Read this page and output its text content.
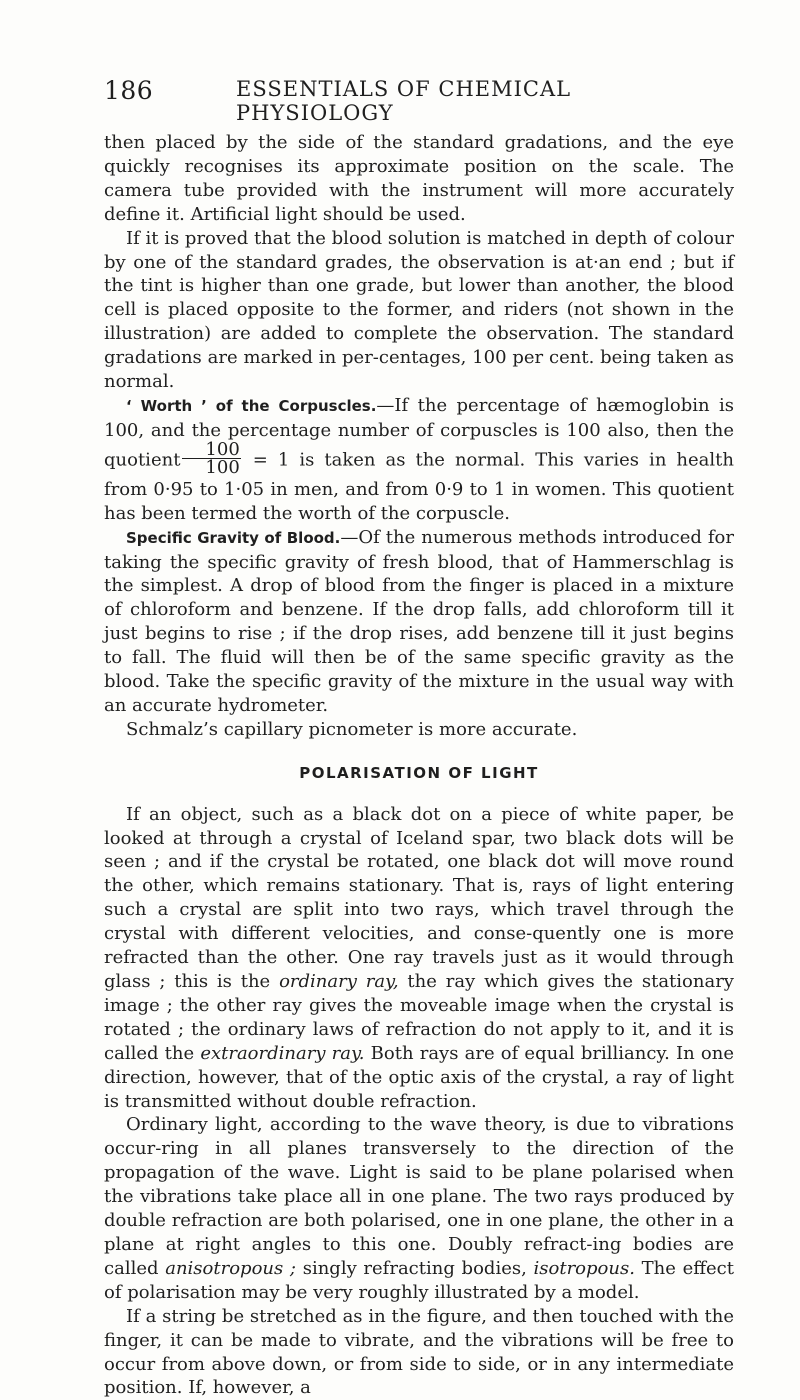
186	ESSENTIALS OF CHEMICAL PHYSIOLOGY

then placed by the side of the standard gradations, and the eye quickly recognises its approximate position on the scale. The camera tube provided with the instrument will more accurately define it. Artificial light should be used.

If it is proved that the blood solution is matched in depth of colour by one of the standard grades, the observation is at·an end ; but if the tint is higher than one grade, but lower than another, the blood cell is placed opposite to the former, and riders (not shown in the illustration) are added to complete the observation. The standard gradations are marked in per-centages, 100 per cent. being taken as normal.

‘ Worth ’ of the Corpuscles.—If the percentage of hæmoglobin is 100, and the percentage number of corpuscles is 100 also, then the quotient $\frac{100}{100} = 1$ is taken as the normal. This varies in health from 0·95 to 1·05 in men, and from 0·9 to 1 in women. This quotient has been termed the worth of the corpuscle.

Specific Gravity of Blood.—Of the numerous methods introduced for taking the specific gravity of fresh blood, that of Hammerschlag is the simplest. A drop of blood from the finger is placed in a mixture of chloroform and benzene. If the drop falls, add chloroform till it just begins to rise ; if the drop rises, add benzene till it just begins to fall. The fluid will then be of the same specific gravity as the blood. Take the specific gravity of the mixture in the usual way with an accurate hydrometer.

Schmalz’s capillary picnometer is more accurate.

POLARISATION OF LIGHT

If an object, such as a black dot on a piece of white paper, be looked at through a crystal of Iceland spar, two black dots will be seen ; and if the crystal be rotated, one black dot will move round the other, which remains stationary. That is, rays of light entering such a crystal are split into two rays, which travel through the crystal with different velocities, and conse-quently one is more refracted than the other. One ray travels just as it would through glass ; this is the ordinary ray, the ray which gives the stationary image ; the other ray gives the moveable image when the crystal is rotated ; the ordinary laws of refraction do not apply to it, and it is called the extraordinary ray. Both rays are of equal brilliancy. In one direction, however, that of the optic axis of the crystal, a ray of light is transmitted without double refraction.

Ordinary light, according to the wave theory, is due to vibrations occur-ring in all planes transversely to the direction of the propagation of the wave. Light is said to be plane polarised when the vibrations take place all in one plane. The two rays produced by double refraction are both polarised, one in one plane, the other in a plane at right angles to this one. Doubly refract-ing bodies are called anisotropous ; singly refracting bodies, isotropous. The effect of polarisation may be very roughly illustrated by a model.

If a string be stretched as in the figure, and then touched with the finger, it can be made to vibrate, and the vibrations will be free to occur from above down, or from side to side, or in any intermediate position. If, however, a
